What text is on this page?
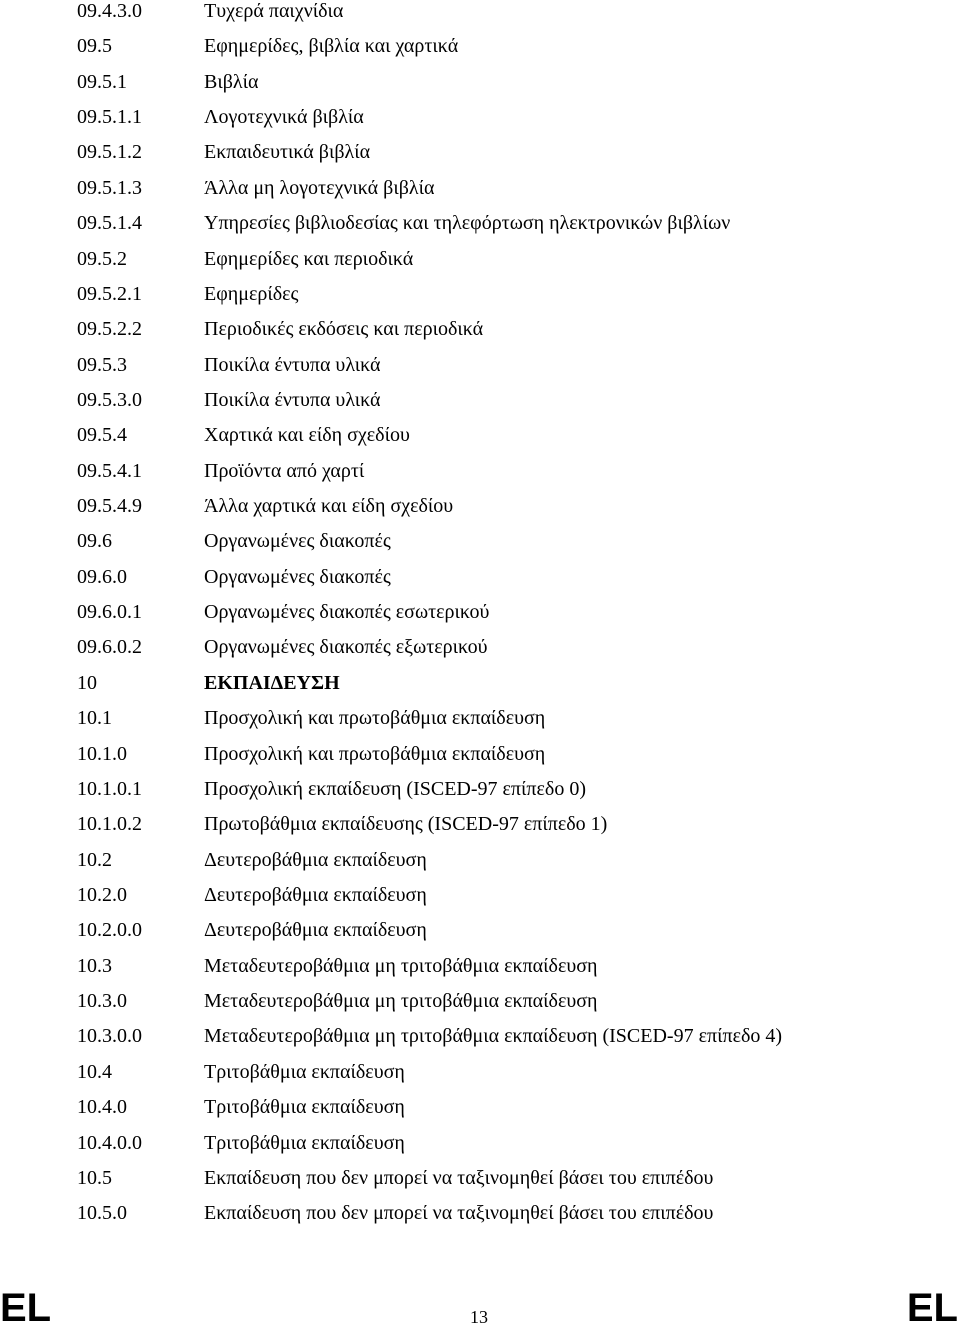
09.4.3.0	Τυχερά παιχνίδια
09.5	Εφημερίδες, βιβλία και χαρτικά
09.5.1	Βιβλία
09.5.1.1	Λογοτεχνικά βιβλία
09.5.1.2	Εκπαιδευτικά βιβλία
09.5.1.3	Άλλα μη λογοτεχνικά βιβλία
09.5.1.4	Υπηρεσίες βιβλιοδεσίας και τηλεφόρτωση ηλεκτρονικών βιβλίων
09.5.2	Εφημερίδες και περιοδικά
09.5.2.1	Εφημερίδες
09.5.2.2	Περιοδικές εκδόσεις και περιοδικά
09.5.3	Ποικίλα έντυπα υλικά
09.5.3.0	Ποικίλα έντυπα υλικά
09.5.4	Χαρτικά και είδη σχεδίου
09.5.4.1	Προϊόντα από χαρτί
09.5.4.9	Άλλα χαρτικά και είδη σχεδίου
09.6	Οργανωμένες διακοπές
09.6.0	Οργανωμένες διακοπές
09.6.0.1	Οργανωμένες διακοπές εσωτερικού
09.6.0.2	Οργανωμένες διακοπές εξωτερικού
10	ΕΚΠΑΙΔΕΥΣΗ
10.1	Προσχολική και πρωτοβάθμια εκπαίδευση
10.1.0	Προσχολική και πρωτοβάθμια εκπαίδευση
10.1.0.1	Προσχολική εκπαίδευση (ISCED-97 επίπεδο 0)
10.1.0.2	Πρωτοβάθμια εκπαίδευσης (ISCED-97 επίπεδο 1)
10.2	Δευτεροβάθμια εκπαίδευση
10.2.0	Δευτεροβάθμια εκπαίδευση
10.2.0.0	Δευτεροβάθμια εκπαίδευση
10.3	Μεταδευτεροβάθμια μη τριτοβάθμια εκπαίδευση
10.3.0	Μεταδευτεροβάθμια μη τριτοβάθμια εκπαίδευση
10.3.0.0	Μεταδευτεροβάθμια μη τριτοβάθμια εκπαίδευση (ISCED-97 επίπεδο 4)
10.4	Τριτοβάθμια εκπαίδευση
10.4.0	Τριτοβάθμια εκπαίδευση
10.4.0.0	Τριτοβάθμια εκπαίδευση
10.5	Εκπαίδευση που δεν μπορεί να ταξινομηθεί βάσει του επιπέδου
10.5.0	Εκπαίδευση που δεν μπορεί να ταξινομηθεί βάσει του επιπέδου
EL	13	EL
